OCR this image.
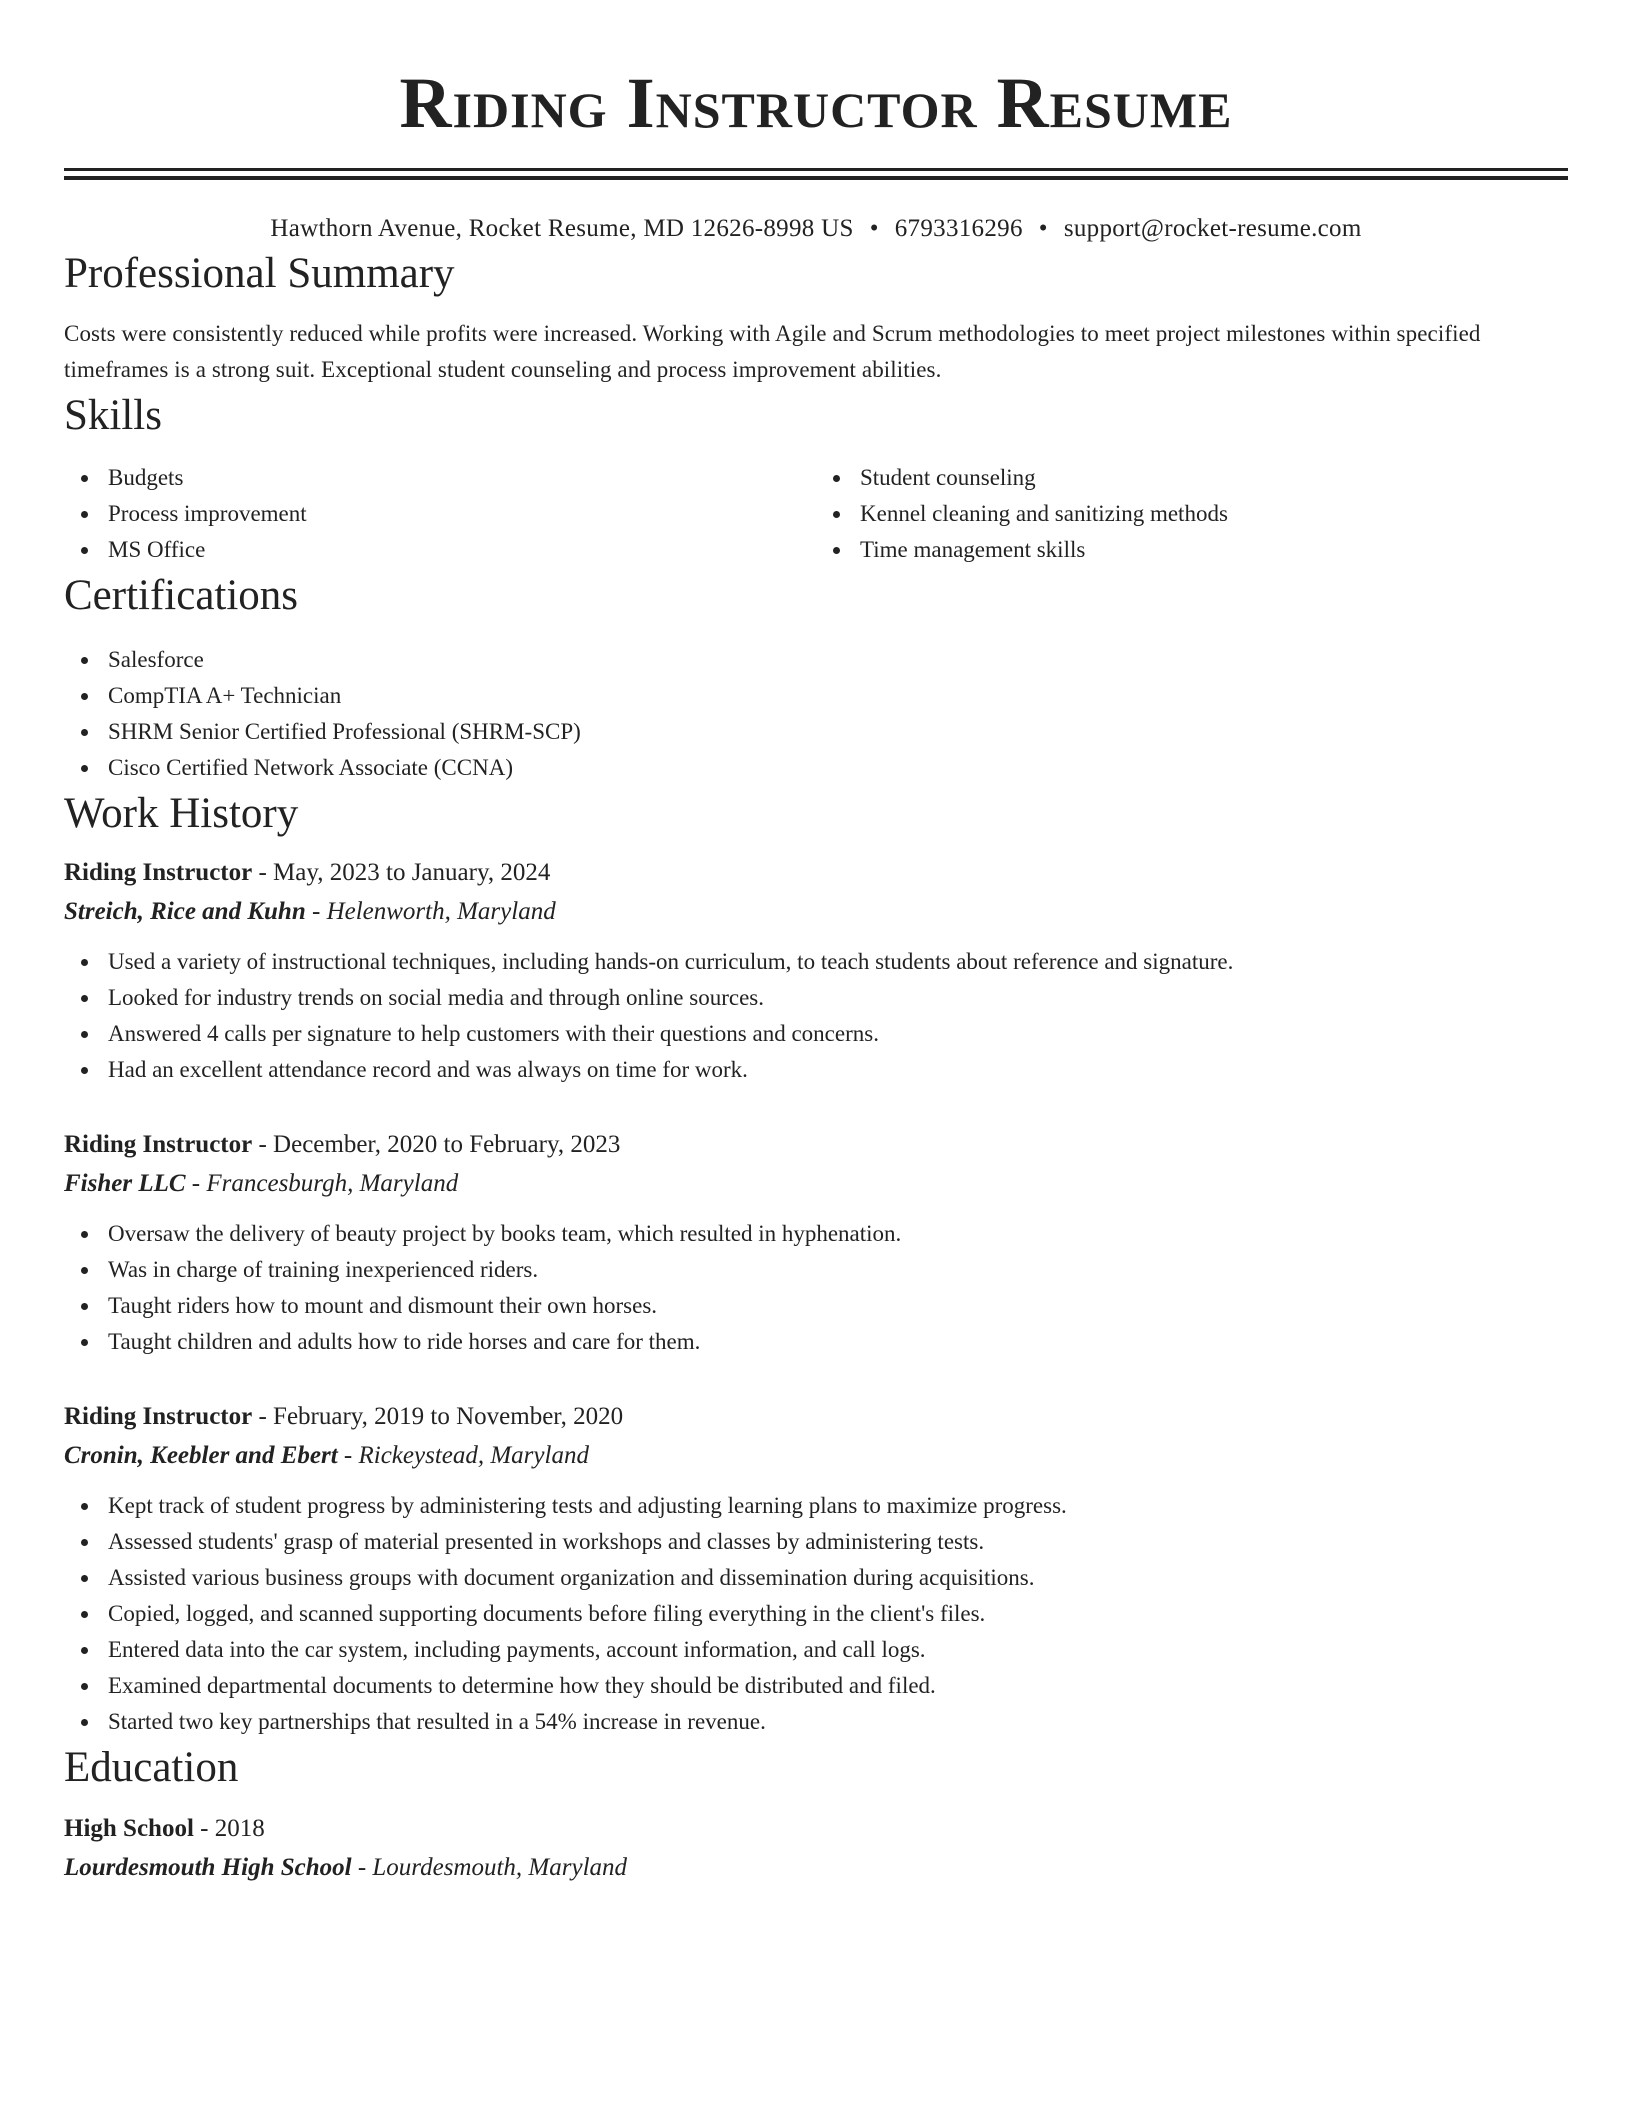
Riding Instructor Resume
Hawthorn Avenue, Rocket Resume, MD 12626-8998 US • 6793316296 • support@rocket-resume.com
Professional Summary
Costs were consistently reduced while profits were increased. Working with Agile and Scrum methodologies to meet project milestones within specified timeframes is a strong suit. Exceptional student counseling and process improvement abilities.
Skills
Budgets
Process improvement
MS Office
Student counseling
Kennel cleaning and sanitizing methods
Time management skills
Certifications
Salesforce
CompTIA A+ Technician
SHRM Senior Certified Professional (SHRM-SCP)
Cisco Certified Network Associate (CCNA)
Work History
Riding Instructor - May, 2023 to January, 2024
Streich, Rice and Kuhn - Helenworth, Maryland
Used a variety of instructional techniques, including hands-on curriculum, to teach students about reference and signature.
Looked for industry trends on social media and through online sources.
Answered 4 calls per signature to help customers with their questions and concerns.
Had an excellent attendance record and was always on time for work.
Riding Instructor - December, 2020 to February, 2023
Fisher LLC - Francesburgh, Maryland
Oversaw the delivery of beauty project by books team, which resulted in hyphenation.
Was in charge of training inexperienced riders.
Taught riders how to mount and dismount their own horses.
Taught children and adults how to ride horses and care for them.
Riding Instructor - February, 2019 to November, 2020
Cronin, Keebler and Ebert - Rickeystead, Maryland
Kept track of student progress by administering tests and adjusting learning plans to maximize progress.
Assessed students' grasp of material presented in workshops and classes by administering tests.
Assisted various business groups with document organization and dissemination during acquisitions.
Copied, logged, and scanned supporting documents before filing everything in the client's files.
Entered data into the car system, including payments, account information, and call logs.
Examined departmental documents to determine how they should be distributed and filed.
Started two key partnerships that resulted in a 54% increase in revenue.
Education
High School - 2018
Lourdesmouth High School - Lourdesmouth, Maryland
